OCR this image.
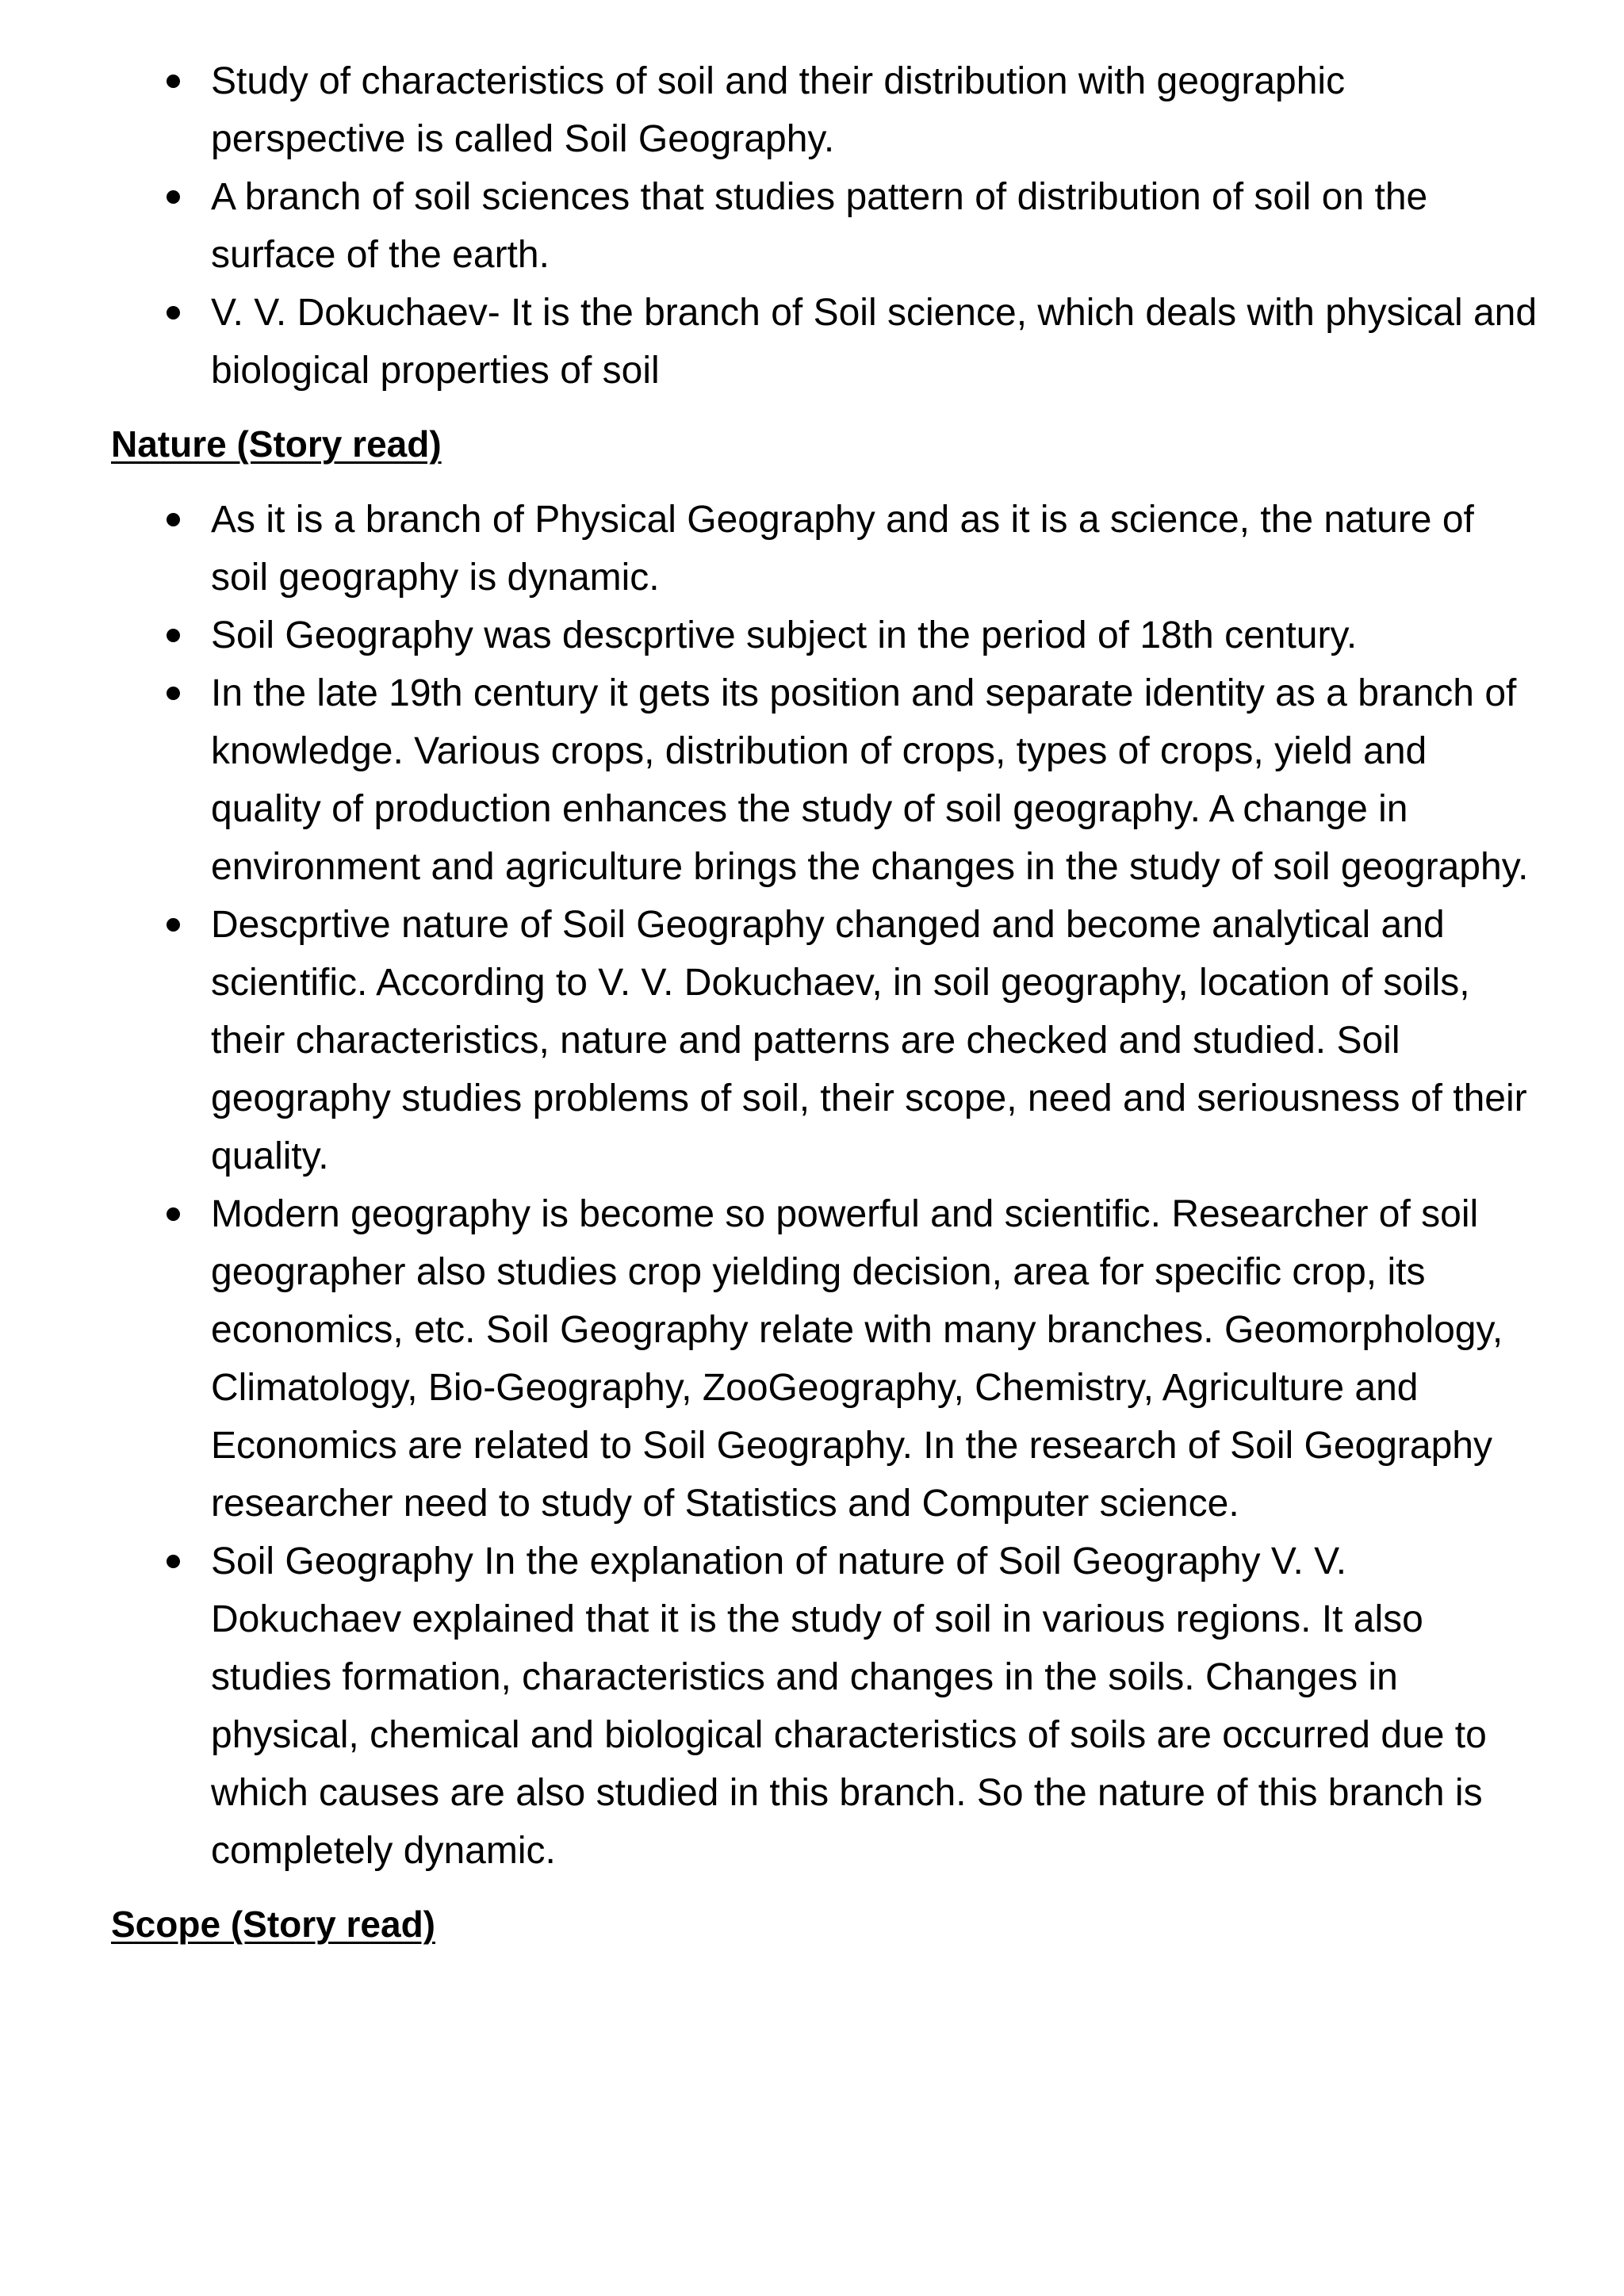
Study of characteristics of soil and their distribution with geographic perspective is called Soil Geography.
A branch of soil sciences that studies pattern of distribution of soil on the surface of the earth.
V. V. Dokuchaev- It is the branch of Soil science, which deals with physical and biological properties of soil
Nature (Story read)
As it is a branch of Physical Geography and as it is a science, the nature of soil geography is dynamic.
Soil Geography was descprtive subject in the period of 18th century.
In the late 19th century it gets its position and separate identity as a branch of knowledge. Various crops, distribution of crops, types of crops, yield and quality of production enhances the study of soil geography. A change in environment and agriculture brings the changes in the study of soil geography.
Descprtive nature of Soil Geography changed and become analytical and scientific. According to V. V. Dokuchaev, in soil geography, location of soils, their characteristics, nature and patterns are checked and studied. Soil geography studies problems of soil, their scope, need and seriousness of their quality.
Modern geography is become so powerful and scientific. Researcher of soil geographer also studies crop yielding decision, area for specific crop, its economics, etc. Soil Geography relate with many branches. Geomorphology, Climatology, Bio-Geography, ZooGeography, Chemistry, Agriculture and Economics are related to Soil Geography. In the research of Soil Geography researcher need to study of Statistics and Computer science.
Soil Geography In the explanation of nature of Soil Geography V. V. Dokuchaev explained that it is the study of soil in various regions. It also studies formation, characteristics and changes in the soils. Changes in physical, chemical and biological characteristics of soils are occurred due to which causes are also studied in this branch. So the nature of this branch is completely dynamic.
Scope (Story read)
